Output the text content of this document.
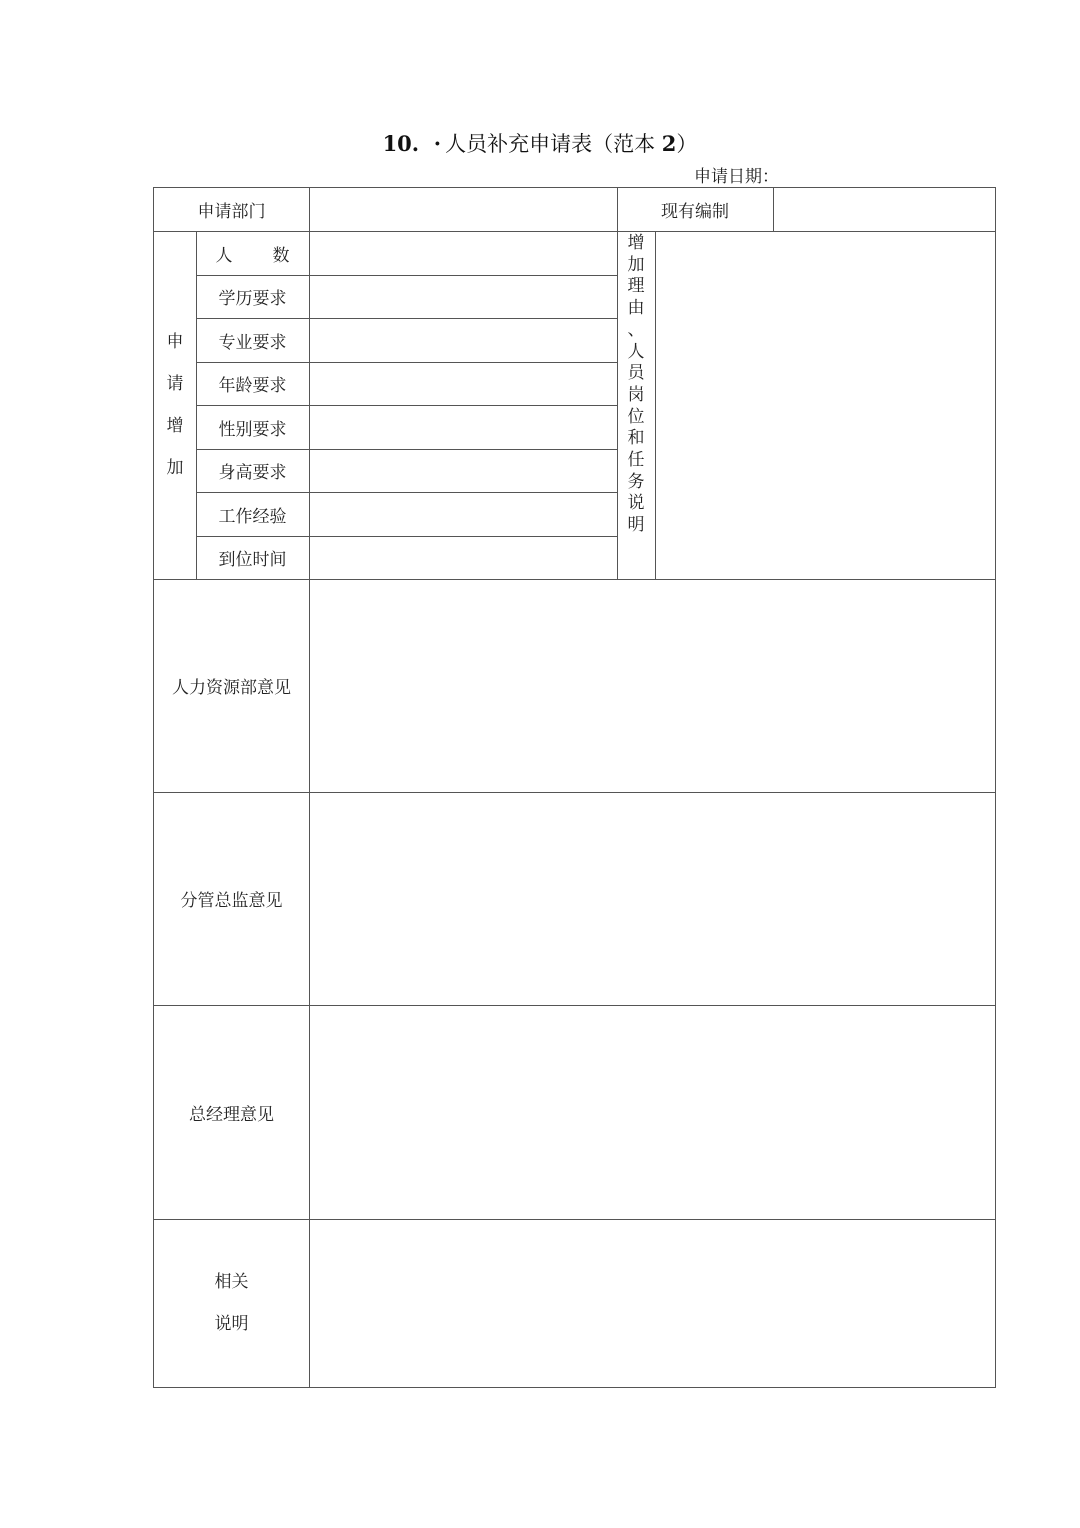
10. · 人员补充申请表（范本 2）
申请日期：
申请部门	现有编制
申
请
增
加
人 数
学历要求
专业要求
年龄要求
性别要求
身高要求
工作经验
到位时间
增
加
理
由
、
人
员
岗
位
和
任
务
说
明
人力资源部意见
分管总监意见
总经理意见
相关
说明
